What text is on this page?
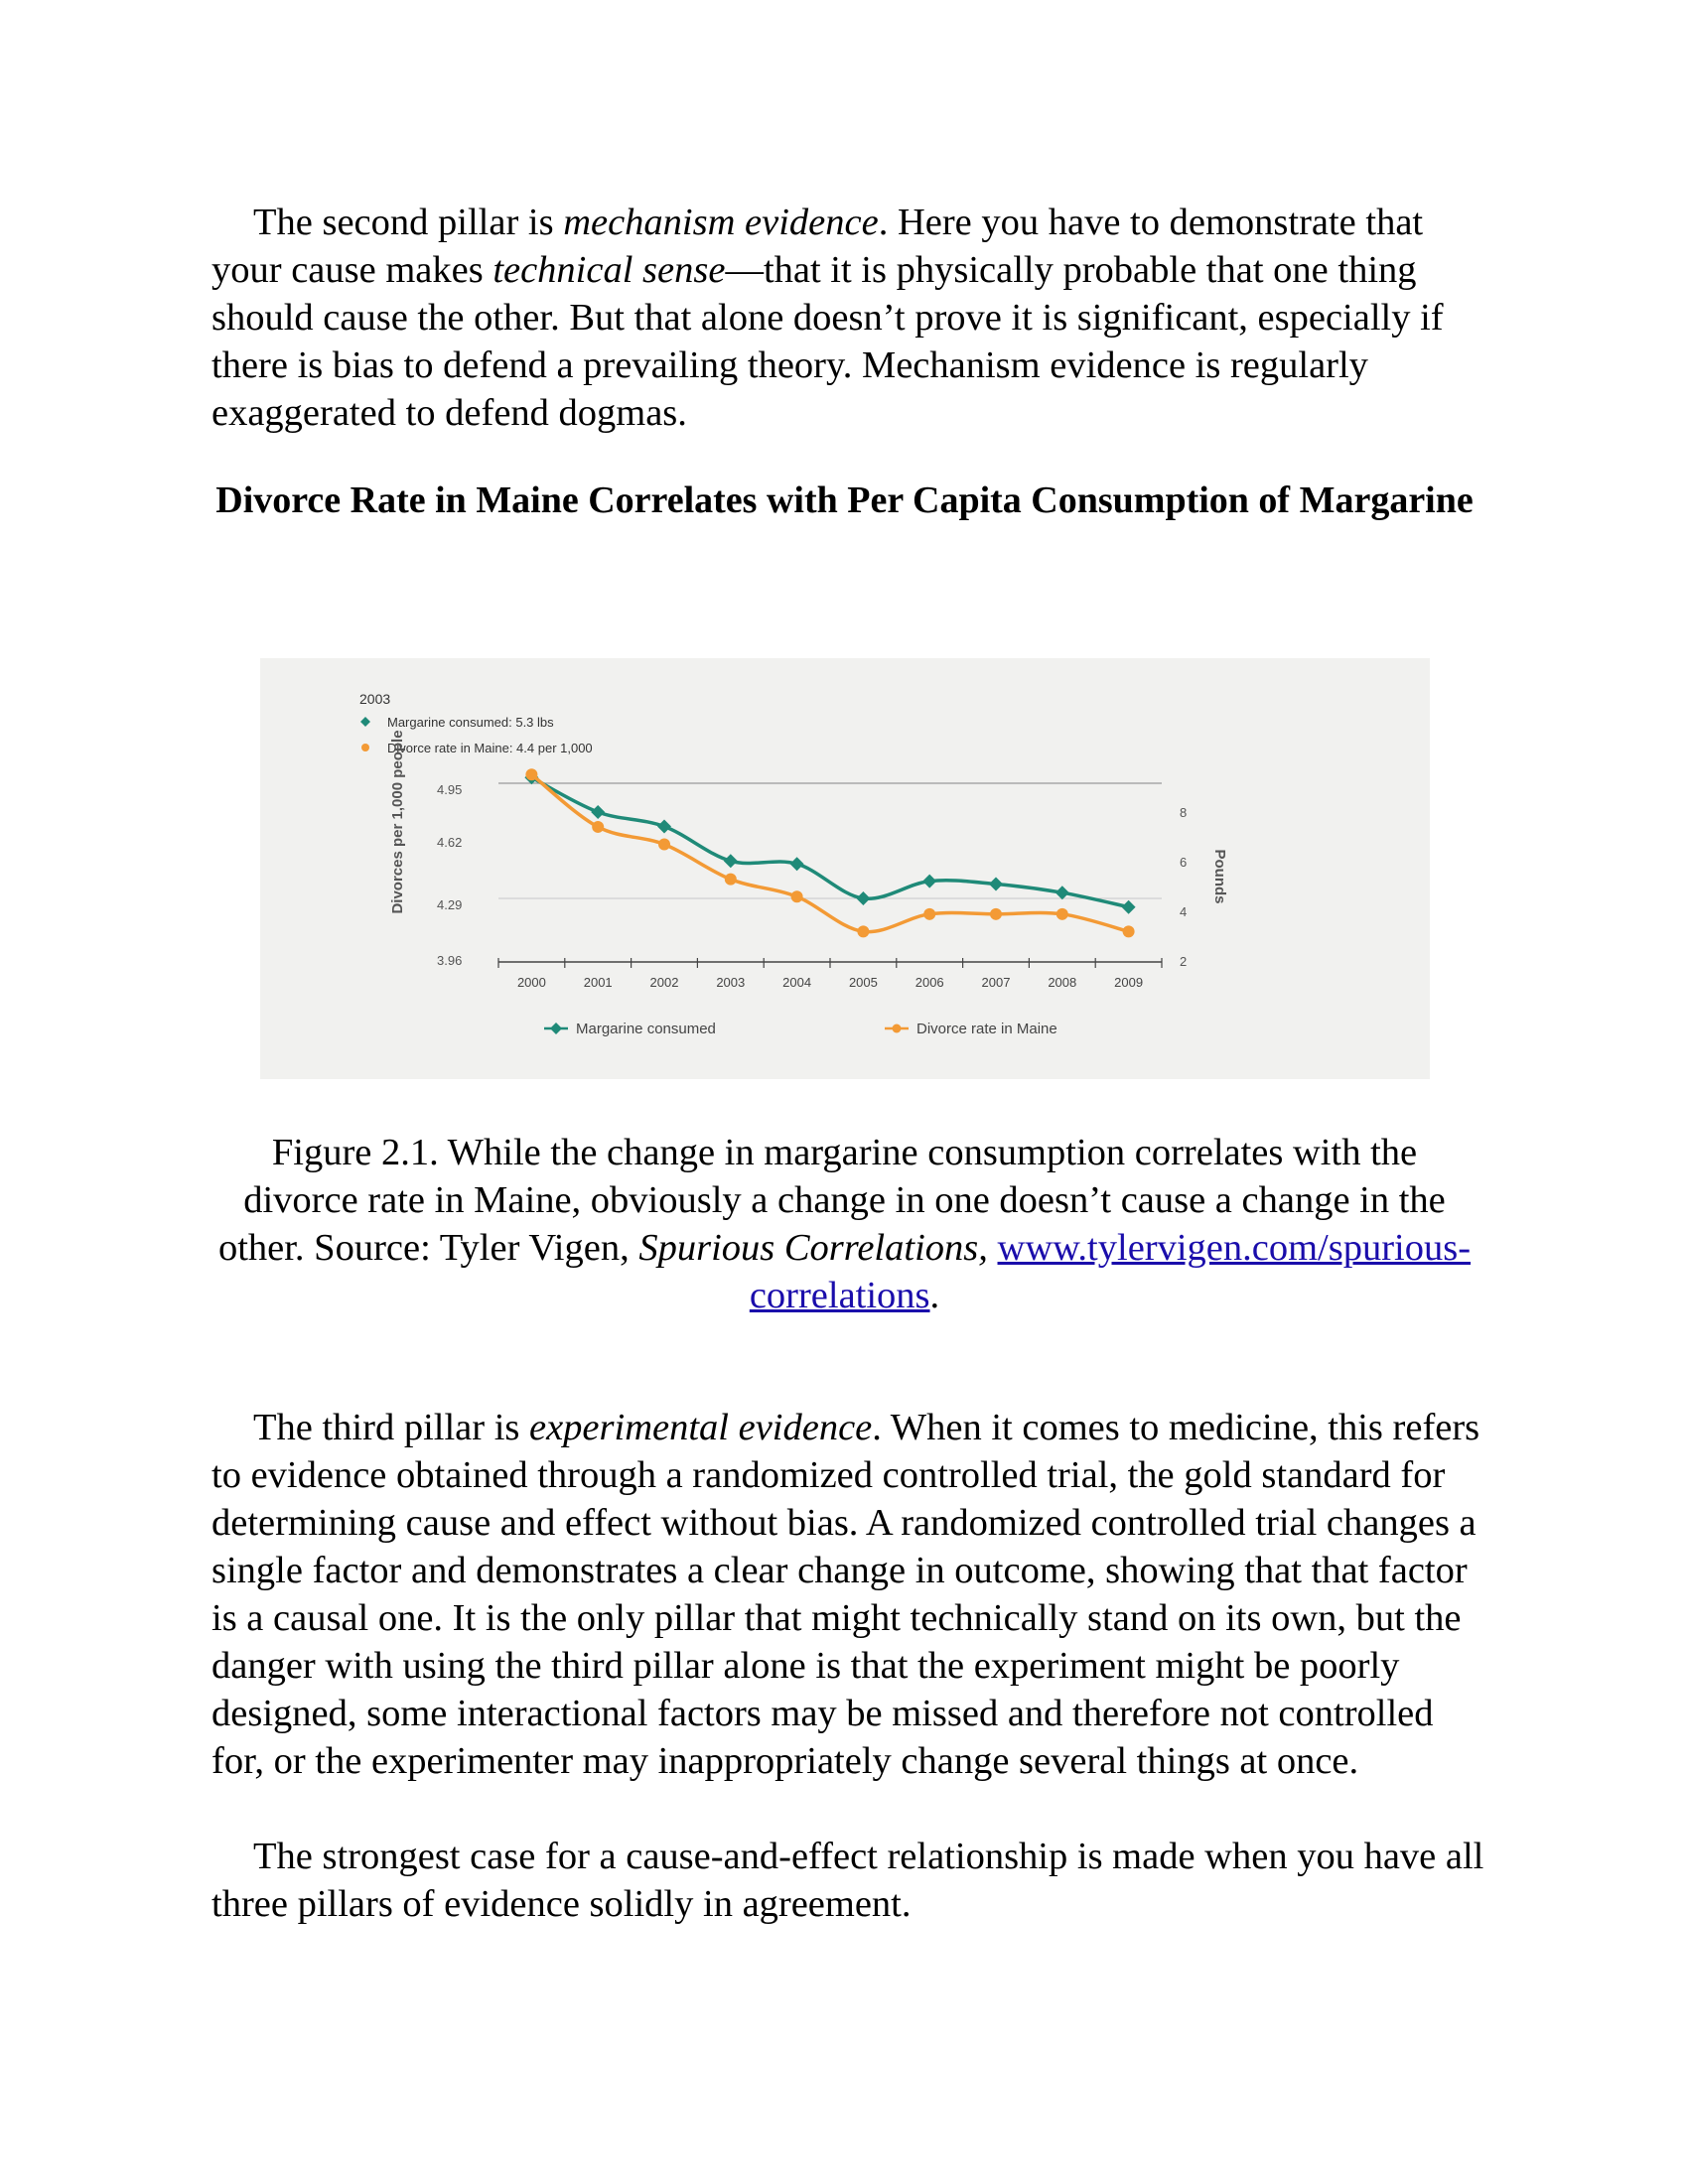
The second pillar is mechanism evidence. Here you have to demonstrate that your cause makes technical sense—that it is physically probable that one thing should cause the other. But that alone doesn’t prove it is significant, especially if there is bias to defend a prevailing theory. Mechanism evidence is regularly exaggerated to defend dogmas.

Divorce Rate in Maine Correlates with Per Capita Consumption of Margarine
2003
Margarine consumed: 5.3 lbs
Divorce rate in Maine: 4.4 per 1,000
Divorces per 1,000 people	Pounds
2000	2001	2002	2003	2004	2005	2006	2007	2008	2009
4.95
4.62
4.29
3.96
8
6
4
2
Margarine consumed	Divorce rate in Maine

Figure 2.1. While the change in margarine consumption correlates with the divorce rate in Maine, obviously a change in one doesn’t cause a change in the other. Source: Tyler Vigen, Spurious Correlations, www.tylervigen.com/spurious-correlations.

The third pillar is experimental evidence. When it comes to medicine, this refers to evidence obtained through a randomized controlled trial, the gold standard for determining cause and effect without bias. A randomized controlled trial changes a single factor and demonstrates a clear change in outcome, showing that that factor is a causal one. It is the only pillar that might technically stand on its own, but the danger with using the third pillar alone is that the experiment might be poorly designed, some interactional factors may be missed and therefore not controlled for, or the experimenter may inappropriately change several things at once.

The strongest case for a cause-and-effect relationship is made when you have all three pillars of evidence solidly in agreement.
